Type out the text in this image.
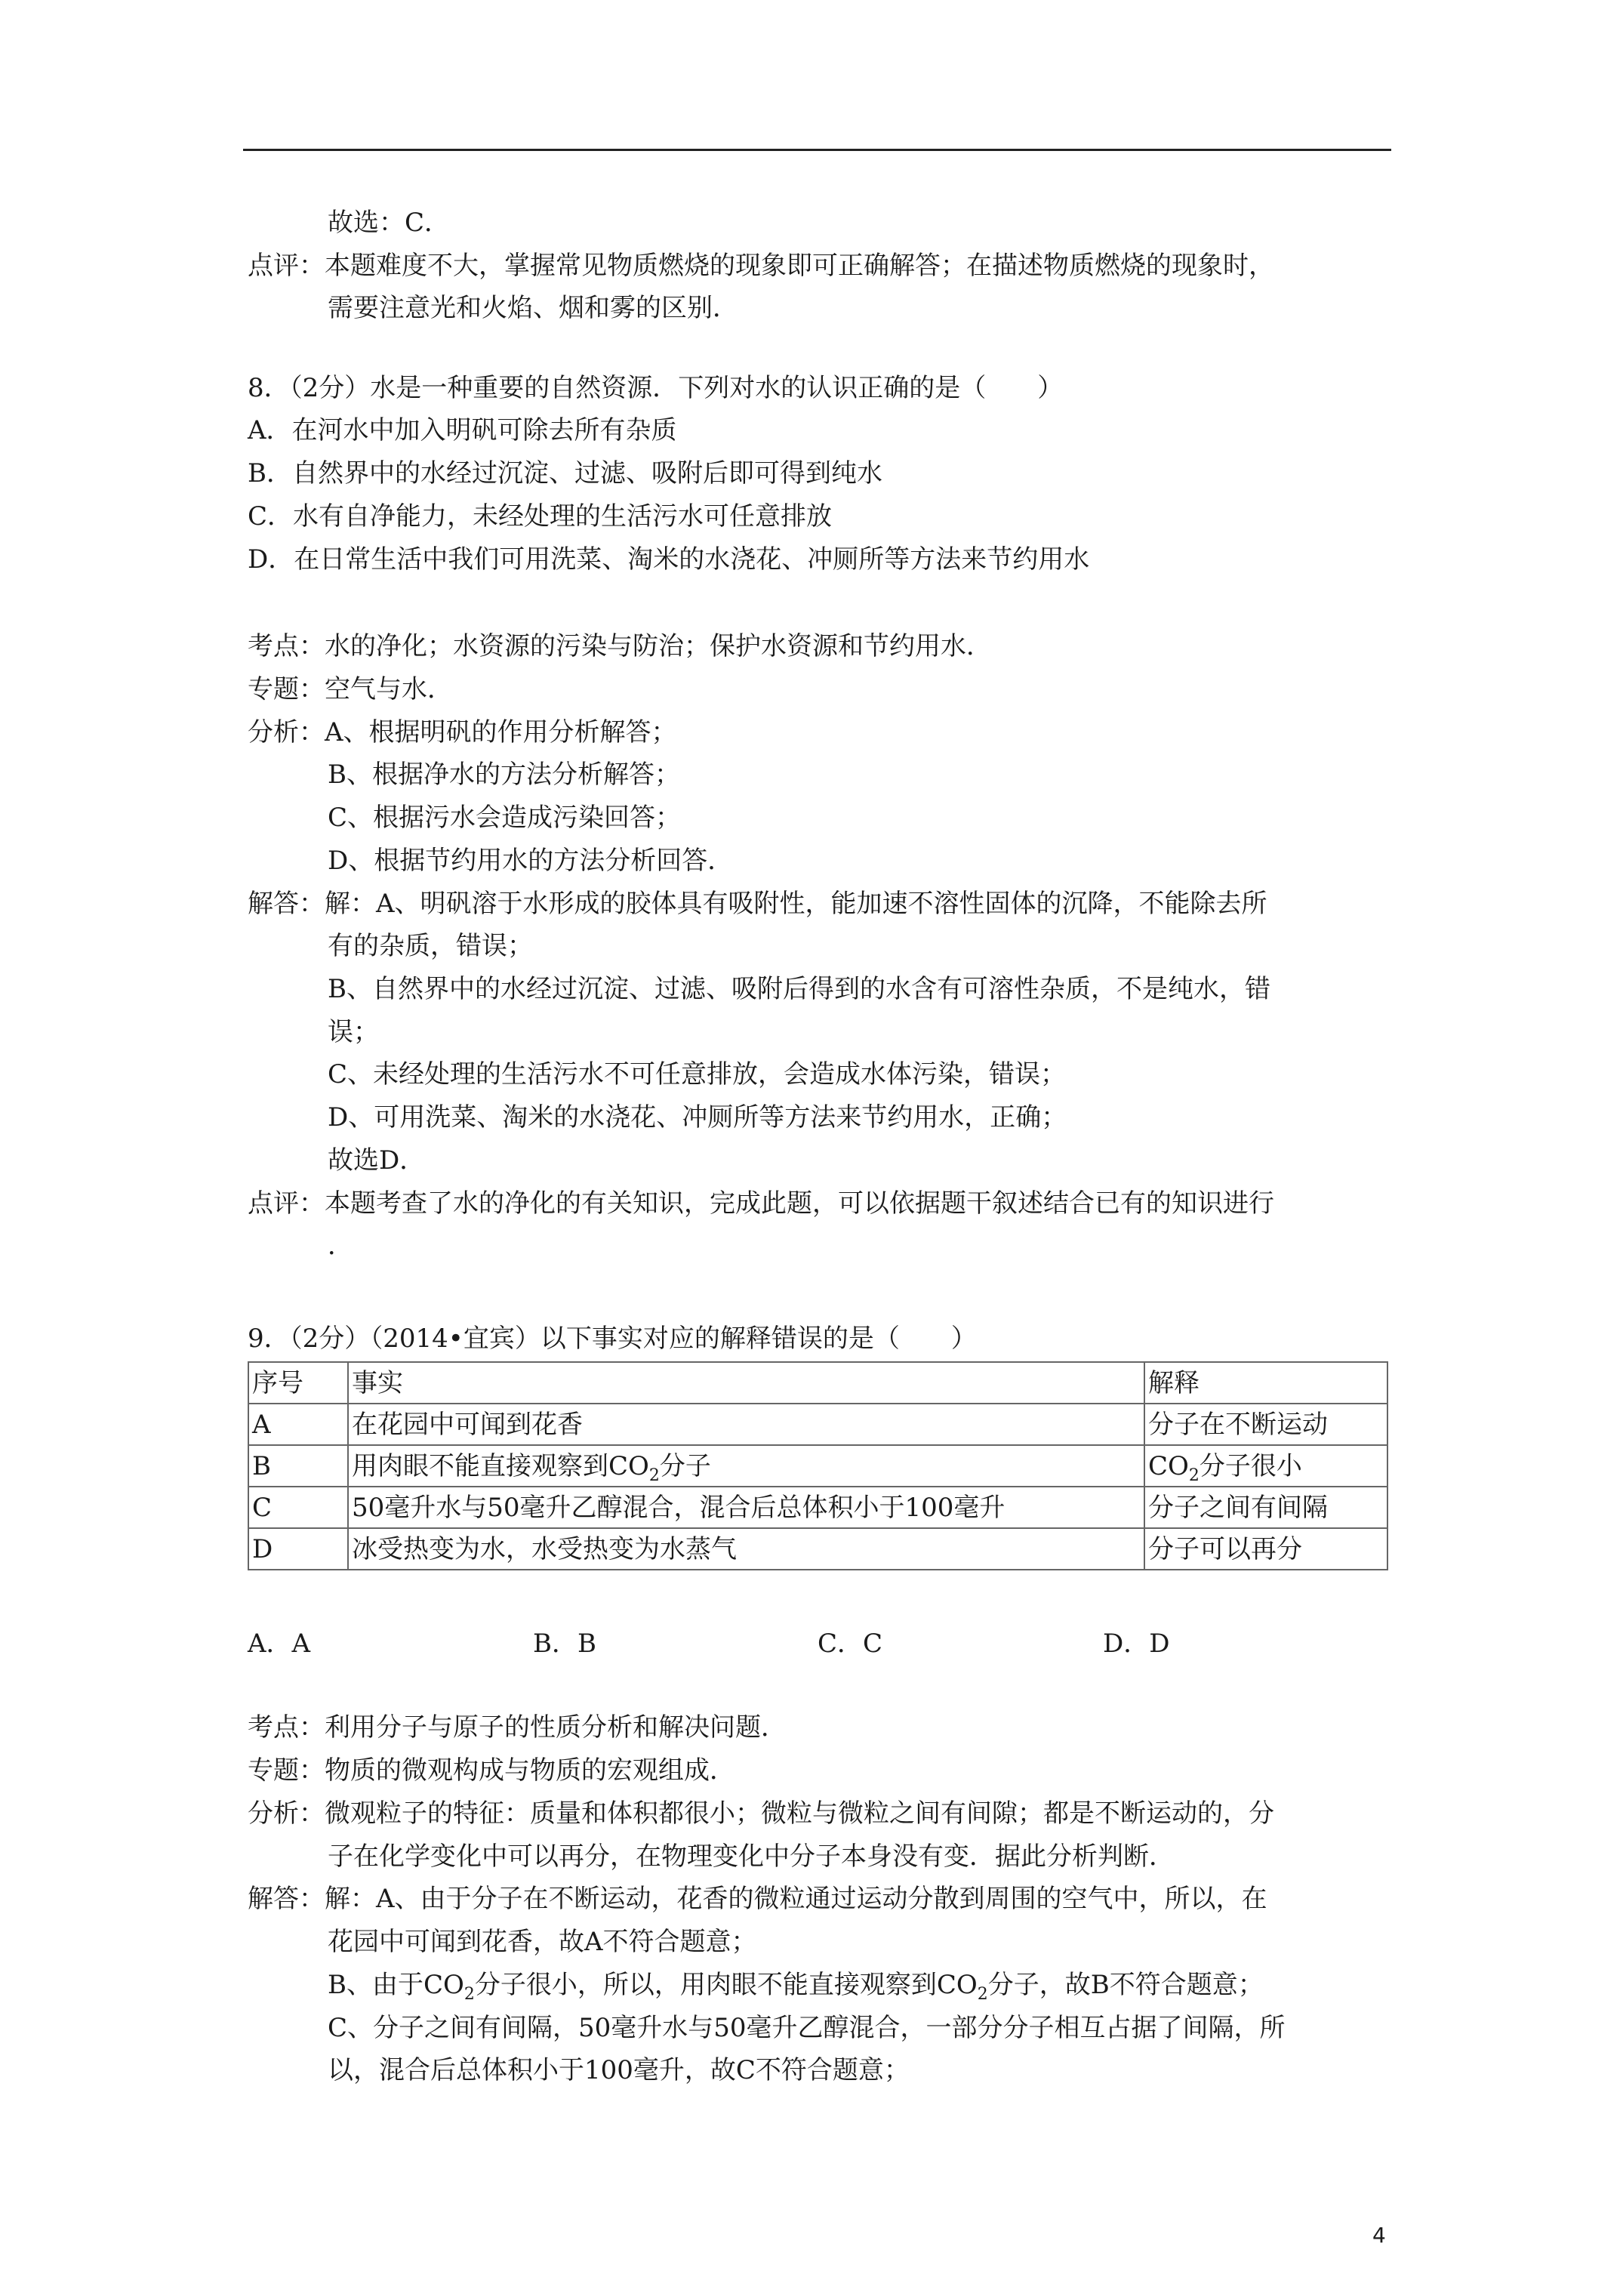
故选：C．
点评：本题难度不大，掌握常见物质燃烧的现象即可正确解答；在描述物质燃烧的现象时，
需要注意光和火焰、烟和雾的区别．
8．（2分）水是一种重要的自然资源．下列对水的认识正确的是（　　）
A．在河水中加入明矾可除去所有杂质
B．自然界中的水经过沉淀、过滤、吸附后即可得到纯水
C．水有自净能力，未经处理的生活污水可任意排放
D．在日常生活中我们可用洗菜、淘米的水浇花、冲厕所等方法来节约用水
考点：水的净化；水资源的污染与防治；保护水资源和节约用水．
专题：空气与水．
分析：A、根据明矾的作用分析解答；
B、根据净水的方法分析解答；
C、根据污水会造成污染回答；
D、根据节约用水的方法分析回答．
解答：解：A、明矾溶于水形成的胶体具有吸附性，能加速不溶性固体的沉降，不能除去所
有的杂质，错误；
B、自然界中的水经过沉淀、过滤、吸附后得到的水含有可溶性杂质，不是纯水，错
误；
C、未经处理的生活污水不可任意排放，会造成水体污染，错误；
D、可用洗菜、淘米的水浇花、冲厕所等方法来节约用水，正确；
故选D．
点评：本题考查了水的净化的有关知识，完成此题，可以依据题干叙述结合已有的知识进行
．
9．（2分）（2014•宜宾）以下事实对应的解释错误的是（　　）
序号	事实	解释
A	在花园中可闻到花香	分子在不断运动
B	用肉眼不能直接观察到$CO_2$分子	$CO_2$分子很小
C	50毫升水与50毫升乙醇混合，混合后总体积小于100毫升	分子之间有间隔
D	冰受热变为水，水受热变为水蒸气	分子可以再分
A．A	B．B	C．C	D．D
考点：利用分子与原子的性质分析和解决问题．
专题：物质的微观构成与物质的宏观组成．
分析：微观粒子的特征：质量和体积都很小；微粒与微粒之间有间隙；都是不断运动的，分
子在化学变化中可以再分，在物理变化中分子本身没有变．据此分析判断．
解答：解：A、由于分子在不断运动，花香的微粒通过运动分散到周围的空气中，所以，在
花园中可闻到花香，故A不符合题意；
B、由于$CO_2$分子很小，所以，用肉眼不能直接观察到$CO_2$分子，故B不符合题意；
C、分子之间有间隔，50毫升水与50毫升乙醇混合，一部分分子相互占据了间隔，所
以，混合后总体积小于100毫升，故C不符合题意；
4
